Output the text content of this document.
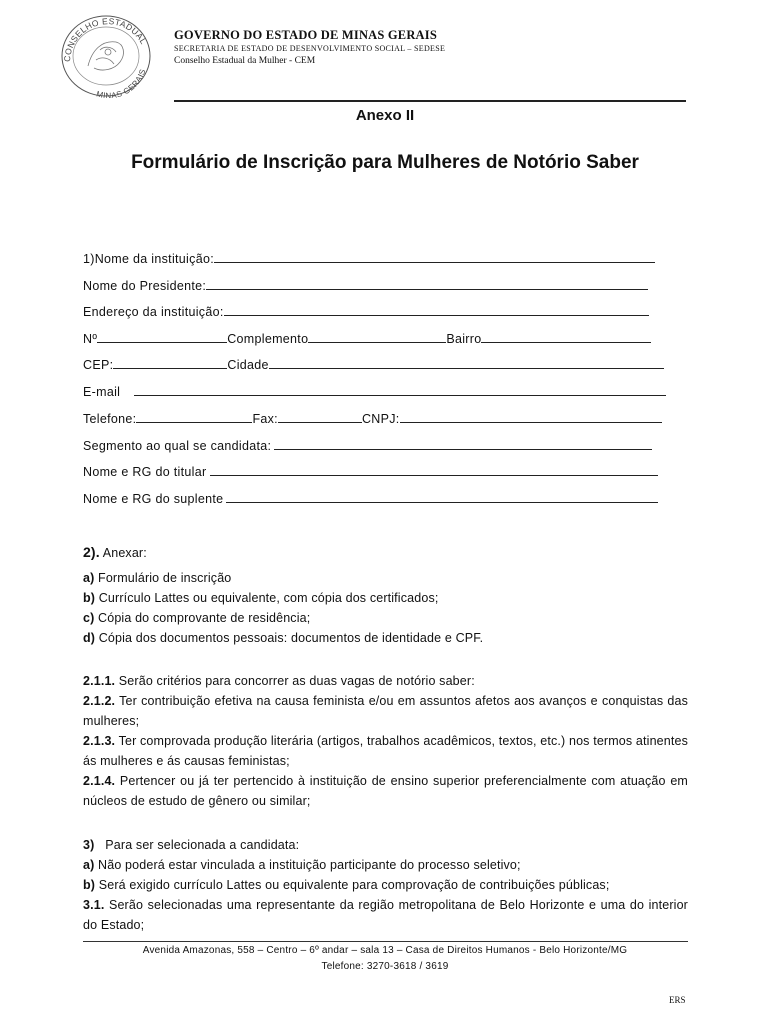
CONSELHO ESTADUAL
MINAS GERAIS
GOVERNO DO ESTADO DE MINAS GERAIS
SECRETARIA DE ESTADO DE DESENVOLVIMENTO SOCIAL – SEDESE
Conselho Estadual da Mulher - CEM
Anexo II
Formulário de Inscrição para Mulheres de Notório Saber
1)Nome da instituição:
Nome do Presidente:
Endereço da instituição:
Nº	Complemento	Bairro
CEP:	Cidade
E-mail
Telefone:	Fax:	CNPJ:
Segmento ao qual se candidata:
Nome e RG do titular
Nome e RG do suplente
2). Anexar:
a) Formulário de inscrição
b) Currículo Lattes ou equivalente, com cópia dos certificados;
c) Cópia do comprovante de residência;
d) Cópia dos documentos pessoais: documentos de identidade e CPF.
2.1.1. Serão critérios para concorrer as duas vagas de notório saber:
2.1.2. Ter contribuição efetiva na causa feminista e/ou em assuntos afetos aos avanços e conquistas das mulheres;
2.1.3. Ter comprovada produção literária (artigos, trabalhos acadêmicos, textos, etc.) nos termos atinentes ás mulheres e ás causas feministas;
2.1.4. Pertencer ou já ter pertencido à instituição de ensino superior preferencialmente com atuação em núcleos de estudo de gênero ou similar;
3)   Para ser selecionada a candidata:
a) Não poderá estar vinculada a instituição participante do processo seletivo;
b) Será exigido currículo Lattes ou equivalente para comprovação de contribuições públicas;
3.1. Serão selecionadas uma representante da região metropolitana de Belo Horizonte e uma do interior do Estado;
Avenida Amazonas, 558 – Centro – 6º andar – sala 13 – Casa de Direitos Humanos - Belo Horizonte/MG
Telefone: 3270-3618 / 3619
ERS
